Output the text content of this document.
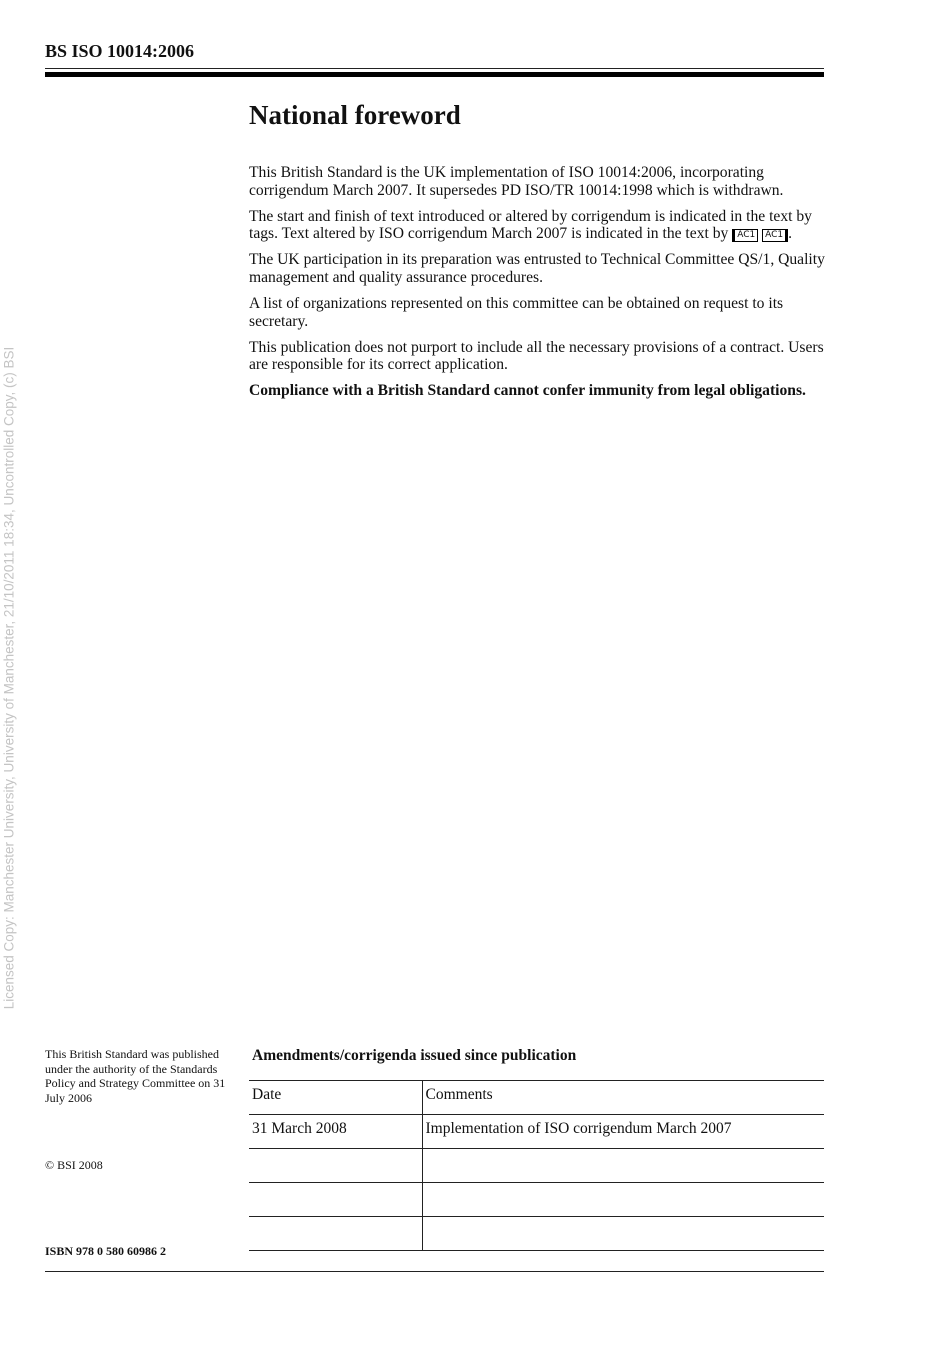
BS ISO 10014:2006
Licensed Copy: Manchester University, University of Manchester, 21/10/2011 18:34, Uncontrolled Copy, (c) BSI
National foreword

This British Standard is the UK implementation of ISO 10014:2006, incorporating corrigendum March 2007. It supersedes PD ISO/TR 10014:1998 which is withdrawn.

The start and finish of text introduced or altered by corrigendum is indicated in the text by tags. Text altered by ISO corrigendum March 2007 is indicated in the text by AC1 AC1 .

The UK participation in its preparation was entrusted to Technical Committee QS/1, Quality management and quality assurance procedures.

A list of organizations represented on this committee can be obtained on request to its secretary.

This publication does not purport to include all the necessary provisions of a contract. Users are responsible for its correct application.

Compliance with a British Standard cannot confer immunity from legal obligations.

This British Standard was published under the authority of the Standards Policy and Strategy Committee on 31 July 2006
© BSI 2008
ISBN 978 0 580 60986 2
Amendments/corrigenda issued since publication
Date	Comments
31 March 2008	Implementation of ISO corrigendum March 2007
